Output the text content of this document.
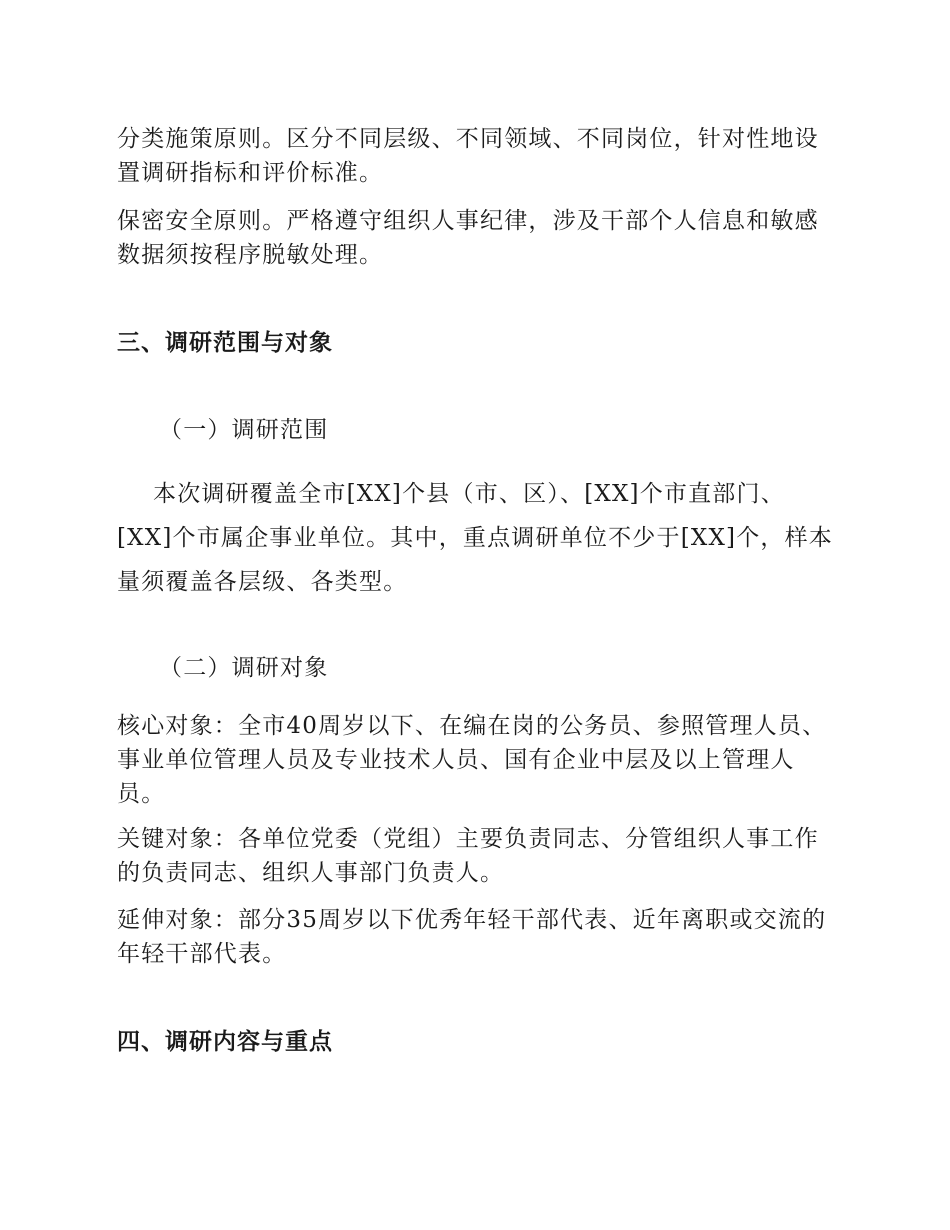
分类施策原则。区分不同层级、不同领域、不同岗位，针对性地设置调研指标和评价标准。

保密安全原则。严格遵守组织人事纪律，涉及干部个人信息和敏感数据须按程序脱敏处理。

三、调研范围与对象

（一）调研范围

本次调研覆盖全市[XX]个县（市、区）、[XX]个市直部门、[XX]个市属企事业单位。其中，重点调研单位不少于[XX]个，样本量须覆盖各层级、各类型。

（二）调研对象

核心对象：全市40周岁以下、在编在岗的公务员、参照管理人员、事业单位管理人员及专业技术人员、国有企业中层及以上管理人员。

关键对象：各单位党委（党组）主要负责同志、分管组织人事工作的负责同志、组织人事部门负责人。

延伸对象：部分35周岁以下优秀年轻干部代表、近年离职或交流的年轻干部代表。

四、调研内容与重点
